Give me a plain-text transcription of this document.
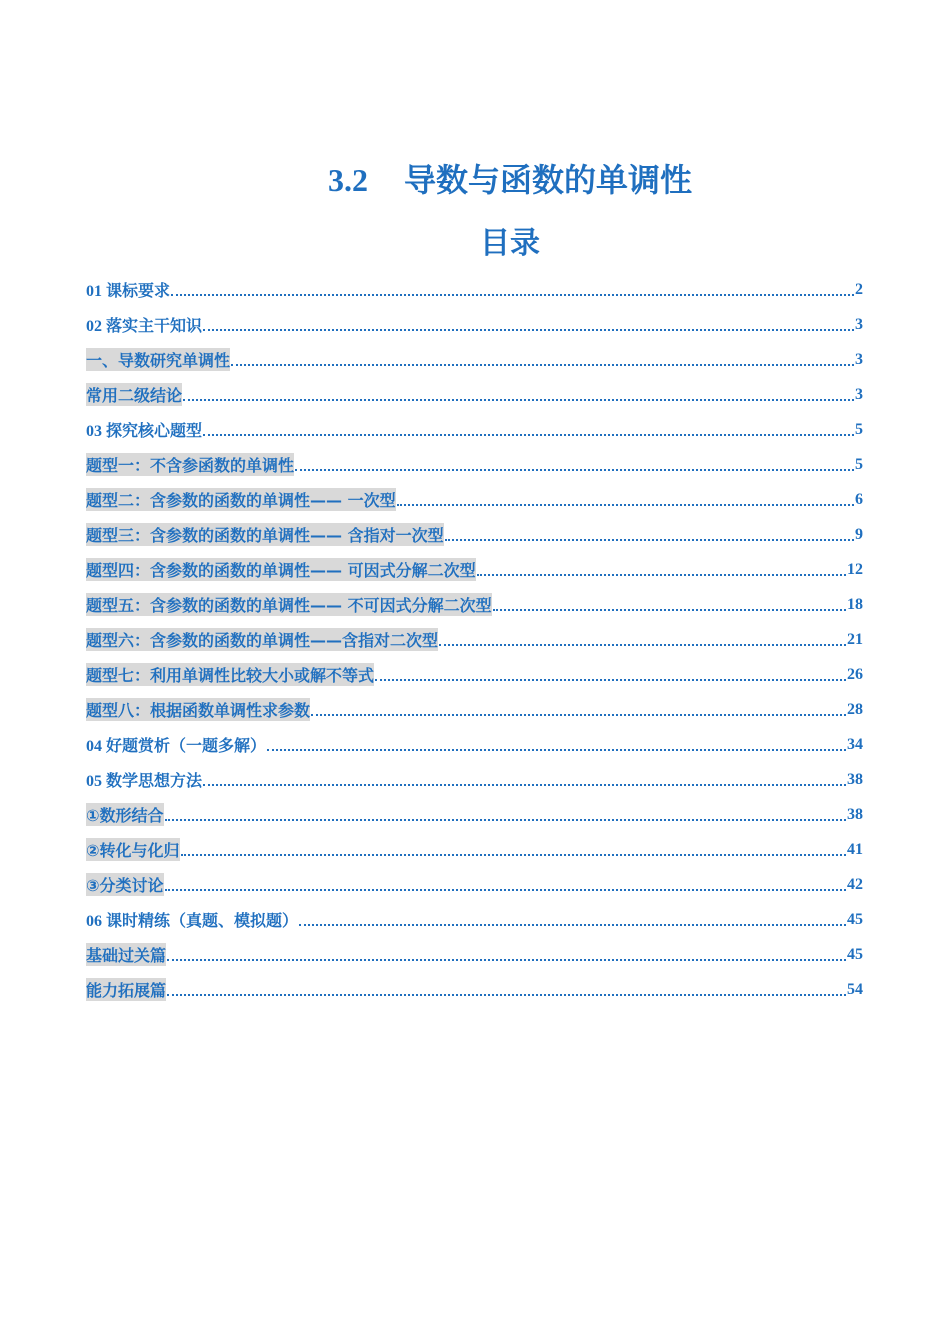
3.2 导数与函数的单调性
目录
01 课标要求	2
02 落实主干知识	3
一、导数研究单调性	3
常用二级结论	3
03 探究核心题型	5
题型一：不含参函数的单调性	5
题型二：含参数的函数的单调性—— 一次型	6
题型三：含参数的函数的单调性—— 含指对一次型	9
题型四：含参数的函数的单调性—— 可因式分解二次型	12
题型五：含参数的函数的单调性—— 不可因式分解二次型	18
题型六：含参数的函数的单调性——含指对二次型	21
题型七：利用单调性比较大小或解不等式	26
题型八：根据函数单调性求参数	28
04 好题赏析（一题多解）	34
05 数学思想方法	38
①数形结合	38
②转化与化归	41
③分类讨论	42
06 课时精练（真题、模拟题）	45
基础过关篇	45
能力拓展篇	54
